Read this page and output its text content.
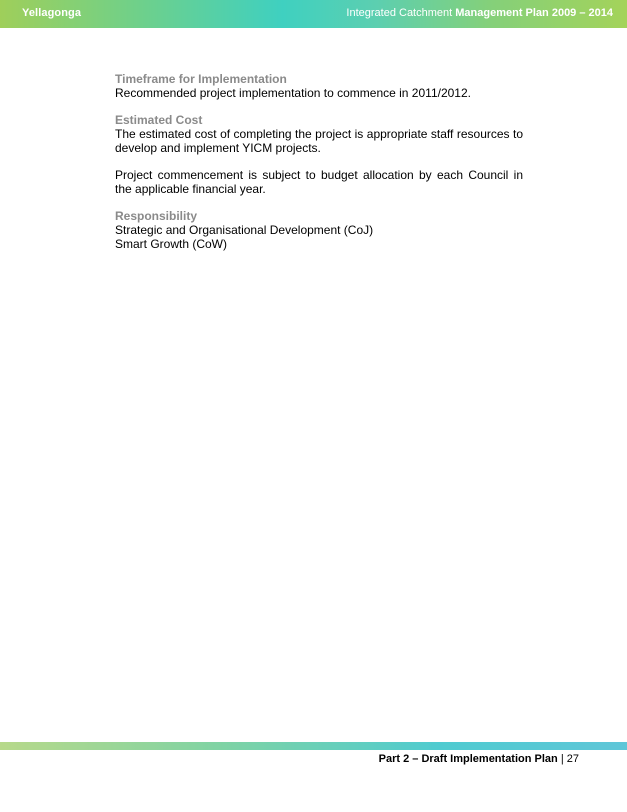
Yellagonga	Integrated Catchment Management Plan 2009 – 2014
Timeframe for Implementation
Recommended project implementation to commence in 2011/2012.
Estimated Cost
The estimated cost of completing the project is appropriate staff resources to develop and implement YICM projects.
Project commencement is subject to budget allocation by each Council in the applicable financial year.
Responsibility
Strategic and Organisational Development (CoJ)
Smart Growth (CoW)
Part 2 – Draft Implementation Plan | 27
